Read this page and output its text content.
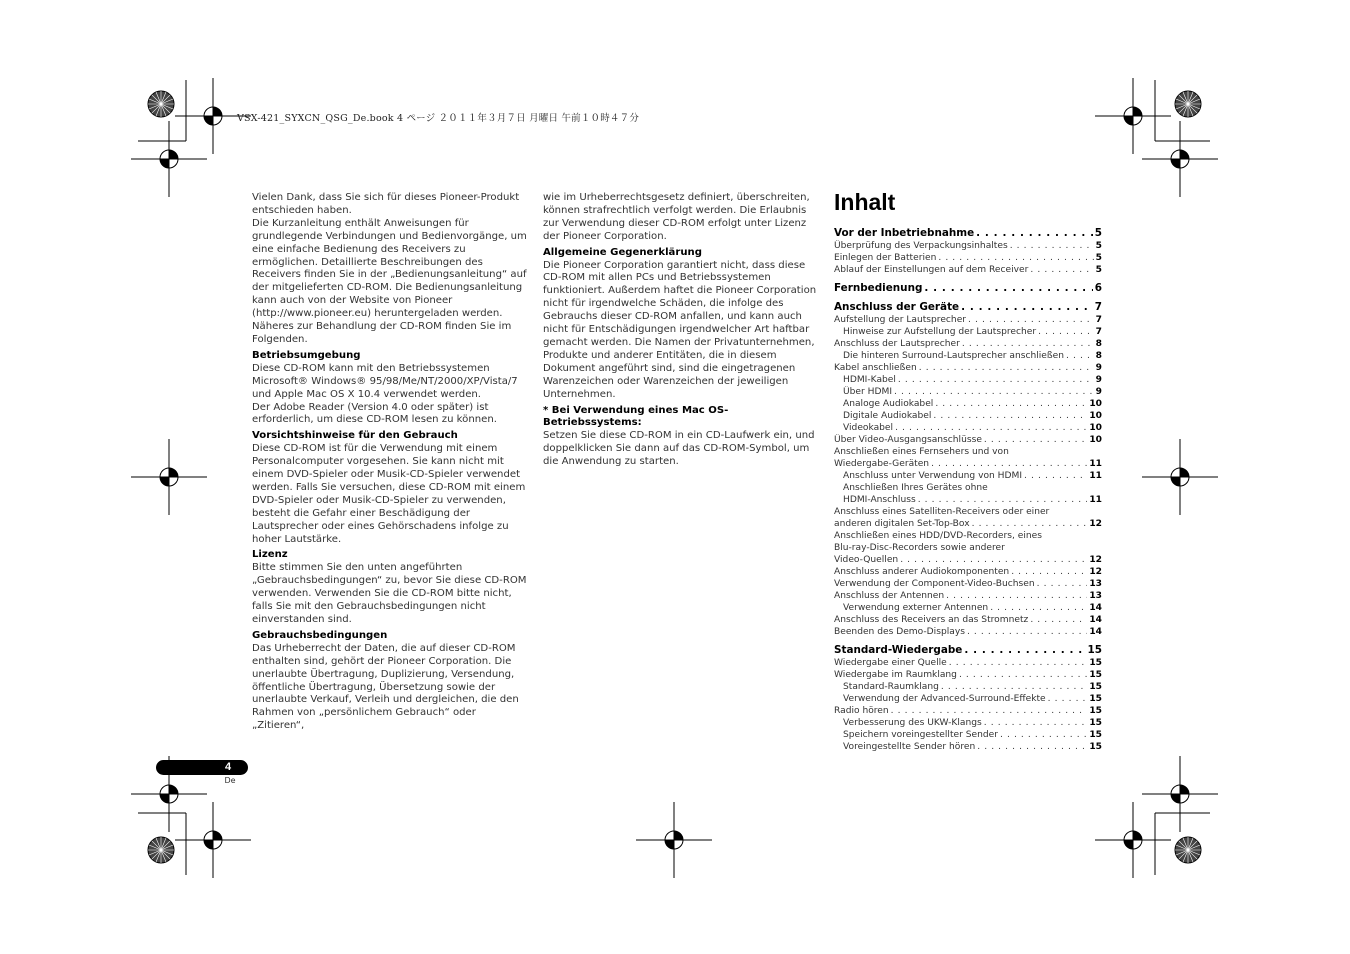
VSX-421_SYXCN_QSG_De.book 4 ページ ２０１１年３月７日 月曜日 午前１０時４７分

Vielen Dank, dass Sie sich für dieses Pioneer-Produkt entschieden haben.

Die Kurzanleitung enthält Anweisungen für grundlegende Verbindungen und Bedienvorgänge, um eine einfache Bedienung des Receivers zu ermöglichen. Detaillierte Beschreibungen des Receivers finden Sie in der „Bedienungsanleitung“ auf der mitgelieferten CD-ROM. Die Bedienungsanleitung kann auch von der Website von Pioneer (http://www.pioneer.eu) heruntergeladen werden.

Näheres zur Behandlung der CD-ROM finden Sie im Folgenden.

Betriebsumgebung

Diese CD-ROM kann mit den Betriebssystemen Microsoft® Windows® 95/98/Me/NT/2000/XP/Vista/7 und Apple Mac OS X 10.4 verwendet werden.

Der Adobe Reader (Version 4.0 oder später) ist erforderlich, um diese CD-ROM lesen zu können.

Vorsichtshinweise für den Gebrauch

Diese CD-ROM ist für die Verwendung mit einem Personalcomputer vorgesehen. Sie kann nicht mit einem DVD-Spieler oder Musik-CD-Spieler verwendet werden. Falls Sie versuchen, diese CD-ROM mit einem DVD-Spieler oder Musik-CD-Spieler zu verwenden, besteht die Gefahr einer Beschädigung der Lautsprecher oder eines Gehörschadens infolge zu hoher Lautstärke.

Lizenz

Bitte stimmen Sie den unten angeführten „Gebrauchsbedingungen“ zu, bevor Sie diese CD-ROM verwenden. Verwenden Sie die CD-ROM bitte nicht, falls Sie mit den Gebrauchsbedingungen nicht einverstanden sind.

Gebrauchsbedingungen

Das Urheberrecht der Daten, die auf dieser CD-ROM enthalten sind, gehört der Pioneer Corporation. Die unerlaubte Übertragung, Duplizierung, Versendung, öffentliche Übertragung, Übersetzung sowie der unerlaubte Verkauf, Verleih und dergleichen, die den Rahmen von „persönlichem Gebrauch“ oder „Zitieren“,

wie im Urheberrechtsgesetz definiert, überschreiten, können strafrechtlich verfolgt werden. Die Erlaubnis zur Verwendung dieser CD-ROM erfolgt unter Lizenz der Pioneer Corporation.

Allgemeine Gegenerklärung

Die Pioneer Corporation garantiert nicht, dass diese CD-ROM mit allen PCs und Betriebssystemen funktioniert. Außerdem haftet die Pioneer Corporation nicht für irgendwelche Schäden, die infolge des Gebrauchs dieser CD-ROM anfallen, und kann auch nicht für Entschädigungen irgendwelcher Art haftbar gemacht werden. Die Namen der Privatunternehmen, Produkte und anderer Entitäten, die in diesem Dokument angeführt sind, sind die eingetragenen Warenzeichen oder Warenzeichen der jeweiligen Unternehmen.

* Bei Verwendung eines Mac OS-Betriebssystems:

Setzen Sie diese CD-ROM in ein CD-Laufwerk ein, und doppelklicken Sie dann auf das CD-ROM-Symbol, um die Anwendung zu starten.

Inhalt
Vor der Inbetriebnahme . . .	5
Überprüfung des Verpackungsinhaltes . . .	5
Einlegen der Batterien . . .	5
Ablauf der Einstellungen auf dem Receiver . . .	5
Fernbedienung . . .	6
Anschluss der Geräte . . .	7
Aufstellung der Lautsprecher . . .	7
Hinweise zur Aufstellung der Lautsprecher . . .	7
Anschluss der Lautsprecher . . .	8
Die hinteren Surround-Lautsprecher anschließen . . .	8
Kabel anschließen . . .	9
HDMI-Kabel . . .	9
Über HDMI . . .	9
Analoge Audiokabel . . .	10
Digitale Audiokabel . . .	10
Videokabel . . .	10
Über Video-Ausgangsanschlüsse . . .	10
Anschließen eines Fernsehers und von
Wiedergabe-Geräten . . .	11
Anschluss unter Verwendung von HDMI . . .	11
Anschließen Ihres Gerätes ohne
HDMI-Anschluss . . .	11
Anschluss eines Satelliten-Receivers oder einer
anderen digitalen Set-Top-Box . . .	12
Anschließen eines HDD/DVD-Recorders, eines
Blu-ray-Disc-Recorders sowie anderer
Video-Quellen . . .	12
Anschluss anderer Audiokomponenten . . .	12
Verwendung der Component-Video-Buchsen . . .	13
Anschluss der Antennen . . .	13
Verwendung externer Antennen . . .	14
Anschluss des Receivers an das Stromnetz . . .	14
Beenden des Demo-Displays . . .	14
Standard-Wiedergabe . . .	15
Wiedergabe einer Quelle . . .	15
Wiedergabe im Raumklang . . .	15
Standard-Raumklang . . .	15
Verwendung der Advanced-Surround-Effekte . . .	15
Radio hören . . .	15
Verbesserung des UKW-Klangs . . .	15
Speichern voreingestellter Sender . . .	15
Voreingestellte Sender hören . . .	15
4
De
